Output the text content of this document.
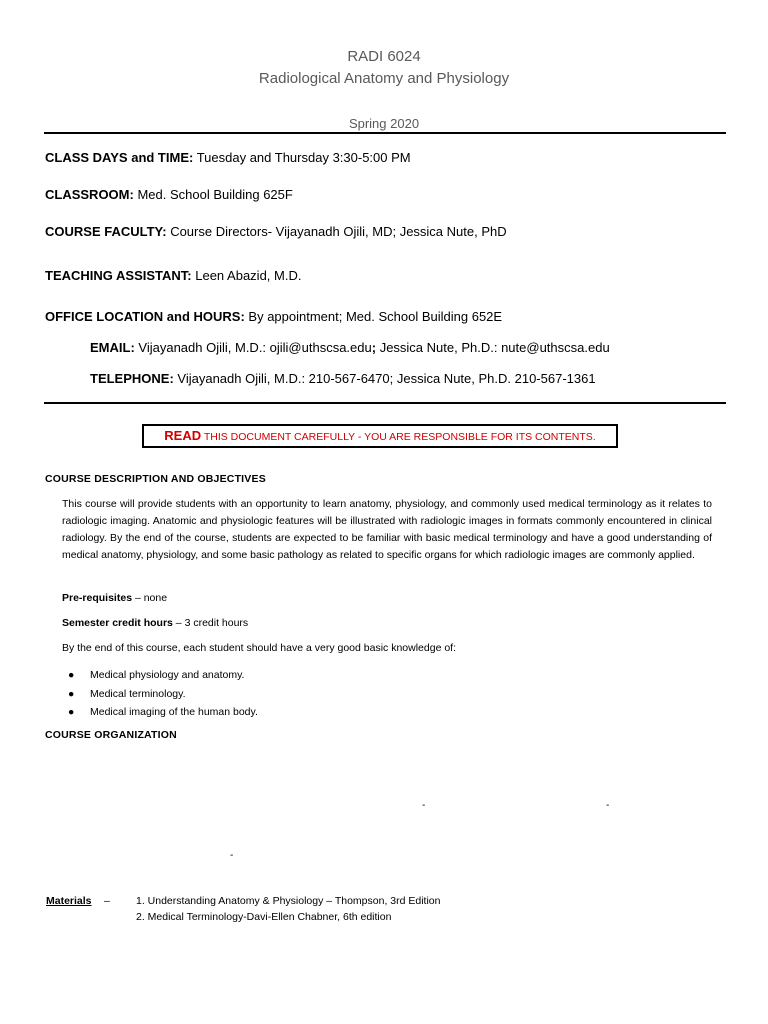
RADI 6024
Radiological Anatomy and Physiology
Spring 2020
CLASS DAYS and TIME: Tuesday and Thursday 3:30-5:00 PM
CLASSROOM: Med. School Building 625F
COURSE FACULTY: Course Directors- Vijayanadh Ojili, MD; Jessica Nute, PhD
TEACHING ASSISTANT: Leen Abazid, M.D.
OFFICE LOCATION and HOURS: By appointment; Med. School Building 652E
EMAIL: Vijayanadh Ojili, M.D.: ojili@uthscsa.edu; Jessica Nute, Ph.D.: nute@uthscsa.edu
TELEPHONE: Vijayanadh Ojili, M.D.: 210-567-6470; Jessica Nute, Ph.D. 210-567-1361
READ THIS DOCUMENT CAREFULLY - YOU ARE RESPONSIBLE FOR ITS CONTENTS.
COURSE DESCRIPTION AND OBJECTIVES
This course will provide students with an opportunity to learn anatomy, physiology, and commonly used medical terminology as it relates to radiologic imaging. Anatomic and physiologic features will be illustrated with radiologic images in formats commonly encountered in clinical radiology. By the end of the course, students are expected to be familiar with basic medical terminology and have a good understanding of medical anatomy, physiology, and some basic pathology as related to specific organs for which radiologic images are commonly applied.
Pre-requisites – none
Semester credit hours – 3 credit hours
By the end of this course, each student should have a very good basic knowledge of:
● Medical physiology and anatomy.
● Medical terminology.
● Medical imaging of the human body.
COURSE ORGANIZATION
-	-
-
Materials – 1. Understanding Anatomy & Physiology – Thompson, 3rd Edition
2. Medical Terminology-Davi-Ellen Chabner, 6th edition
